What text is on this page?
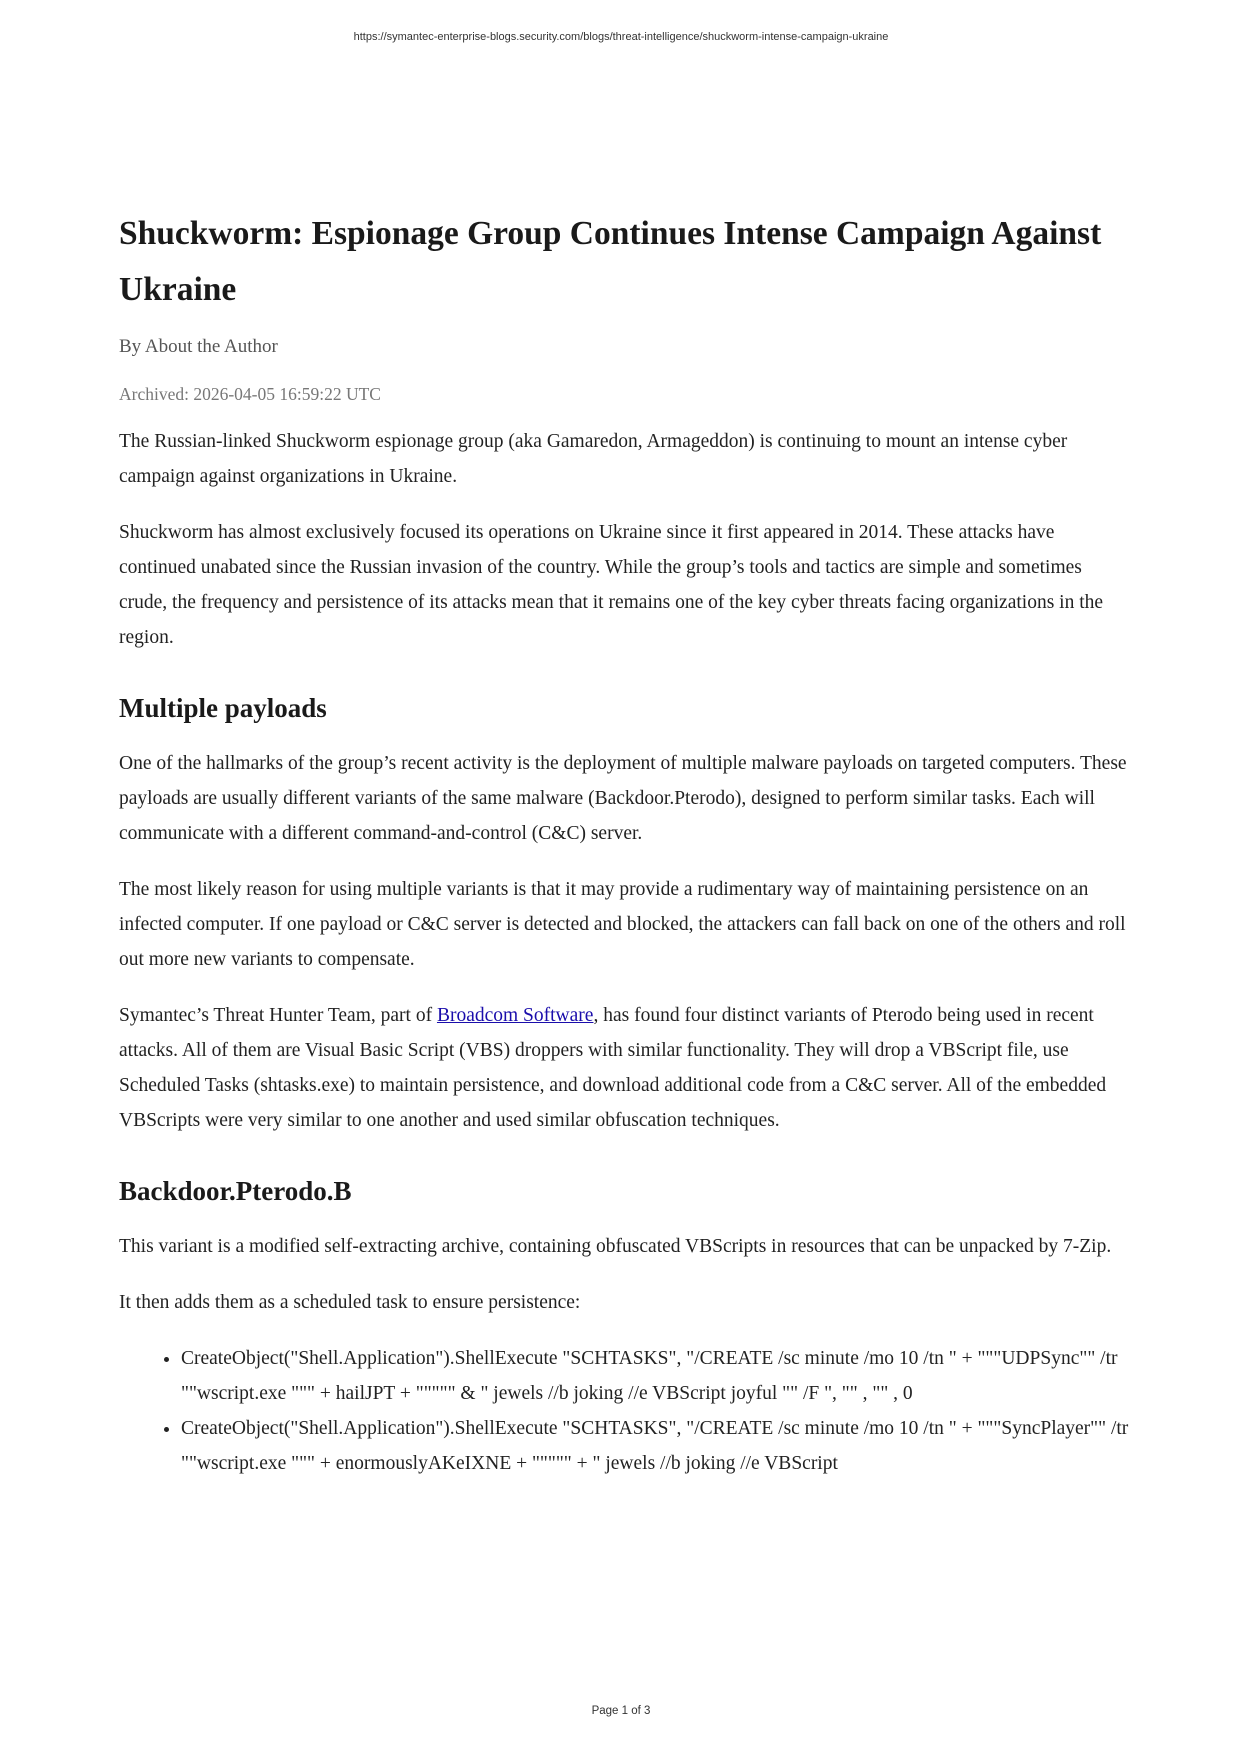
https://symantec-enterprise-blogs.security.com/blogs/threat-intelligence/shuckworm-intense-campaign-ukraine
Shuckworm: Espionage Group Continues Intense Campaign Against Ukraine
By About the Author
Archived: 2026-04-05 16:59:22 UTC

The Russian-linked Shuckworm espionage group (aka Gamaredon, Armageddon) is continuing to mount an intense cyber campaign against organizations in Ukraine.

Shuckworm has almost exclusively focused its operations on Ukraine since it first appeared in 2014. These attacks have continued unabated since the Russian invasion of the country. While the group’s tools and tactics are simple and sometimes crude, the frequency and persistence of its attacks mean that it remains one of the key cyber threats facing organizations in the region.

Multiple payloads

One of the hallmarks of the group’s recent activity is the deployment of multiple malware payloads on targeted computers. These payloads are usually different variants of the same malware (Backdoor.Pterodo), designed to perform similar tasks. Each will communicate with a different command-and-control (C&C) server.

The most likely reason for using multiple variants is that it may provide a rudimentary way of maintaining persistence on an infected computer. If one payload or C&C server is detected and blocked, the attackers can fall back on one of the others and roll out more new variants to compensate.

Symantec’s Threat Hunter Team, part of Broadcom Software, has found four distinct variants of Pterodo being used in recent attacks. All of them are Visual Basic Script (VBS) droppers with similar functionality. They will drop a VBScript file, use Scheduled Tasks (shtasks.exe) to maintain persistence, and download additional code from a C&C server. All of the embedded VBScripts were very similar to one another and used similar obfuscation techniques.

Backdoor.Pterodo.B

This variant is a modified self-extracting archive, containing obfuscated VBScripts in resources that can be unpacked by 7-Zip.

It then adds them as a scheduled task to ensure persistence:

• CreateObject("Shell.Application").ShellExecute "SCHTASKS", "/CREATE /sc minute /mo 10 /tn " + """UDPSync"" /tr ""wscript.exe """ + hailJPT + """"" & " jewels //b joking //e VBScript joyful "" /F ", "" , "" , 0
• CreateObject("Shell.Application").ShellExecute "SCHTASKS", "/CREATE /sc minute /mo 10 /tn " + """SyncPlayer"" /tr ""wscript.exe """ + enormouslyAKeIXNE + """"" + " jewels //b joking //e VBScript
Page 1 of 3
